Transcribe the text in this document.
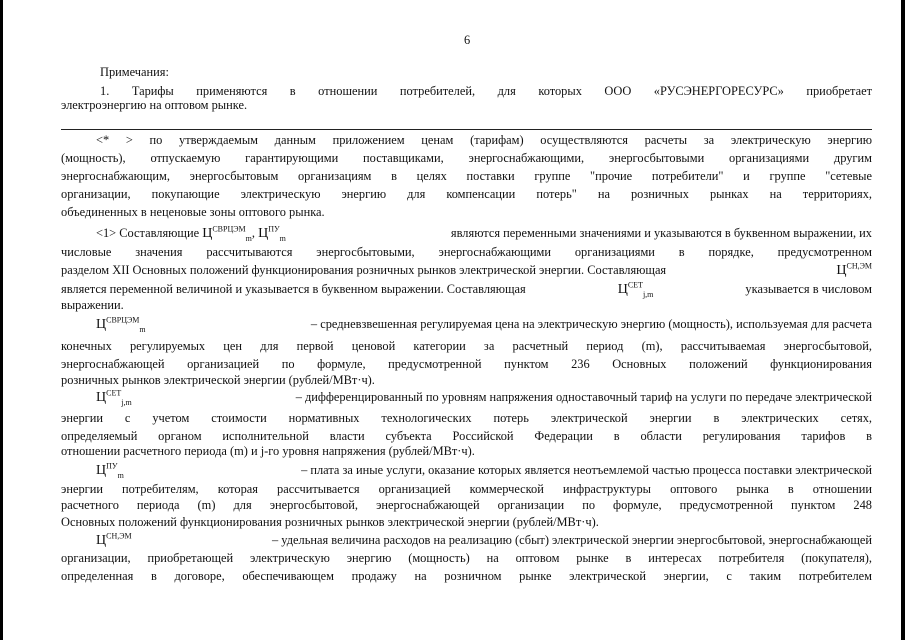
6
Примечания:
1. Тарифы применяются в отношении потребителей, для которых ООО «РУСЭНЕРГОРЕСУРС» приобретает
электроэнергию на оптовом рынке.
<* > по утверждаемым данным приложением ценам (тарифам) осуществляются расчеты за электрическую энергию
(мощность), отпускаемую гарантирующими поставщиками, энергоснабжающими, энергосбытовыми организациями другим
энергоснабжающим, энергосбытовым организациям в целях поставки группе "прочие потребители" и группе "сетевые
организации, покупающие электрическую энергию для компенсации потерь" на розничных рынках на территориях,
объединенных в неценовые зоны оптового рынка.
<1> Составляющие $Ц^{СВРЦЭМ}_m$, $Ц^{ПУ}_m$	являются переменными значениями и указываются в буквенном выражении, их
числовые значения рассчитываются энергосбытовыми, энергоснабжающими организациями в порядке, предусмотренном
разделом XII Основных положений функционирования розничных рынков электрической энергии. Составляющая	$Ц^{СН,ЭМ}$
является переменной величиной и указывается в буквенном выражении. Составляющая	$Ц^{СЕТ}_{j,m}$	указывается в числовом
выражении.
$Ц^{СВРЦЭМ}_m$	– средневзвешенная регулируемая цена на электрическую энергию (мощность), используемая для расчета
конечных регулируемых цен для первой ценовой категории за расчетный период (m), рассчитываемая энергосбытовой,
энергоснабжающей организацией по формуле, предусмотренной пунктом 236 Основных положений функционирования
розничных рынков электрической энергии (рублей/МВт·ч).
$Ц^{СЕТ}_{j,m}$	– дифференцированный по уровням напряжения одноставочный тариф на услуги по передаче электрической
энергии с учетом стоимости нормативных технологических потерь электрической энергии в электрических сетях,
определяемый органом исполнительной власти субъекта Российской Федерации в области регулирования тарифов в
отношении расчетного периода (m) и j-го уровня напряжения (рублей/МВт·ч).
$Ц^{ПУ}_m$	– плата за иные услуги, оказание которых является неотъемлемой частью процесса поставки электрической
энергии потребителям, которая рассчитывается организацией коммерческой инфраструктуры оптового рынка в отношении
расчетного периода (m) для энергосбытовой, энергоснабжающей организации по формуле, предусмотренной пунктом 248
Основных положений функционирования розничных рынков электрической энергии (рублей/МВт·ч).
$Ц^{СН,ЭМ}$	– удельная величина расходов на реализацию (сбыт) электрической энергии энергосбытовой, энергоснабжающей
организации, приобретающей электрическую энергию (мощность) на оптовом рынке в интересах потребителя (покупателя),
определенная в договоре, обеспечивающем продажу на розничном рынке электрической энергии, с таким потребителем
